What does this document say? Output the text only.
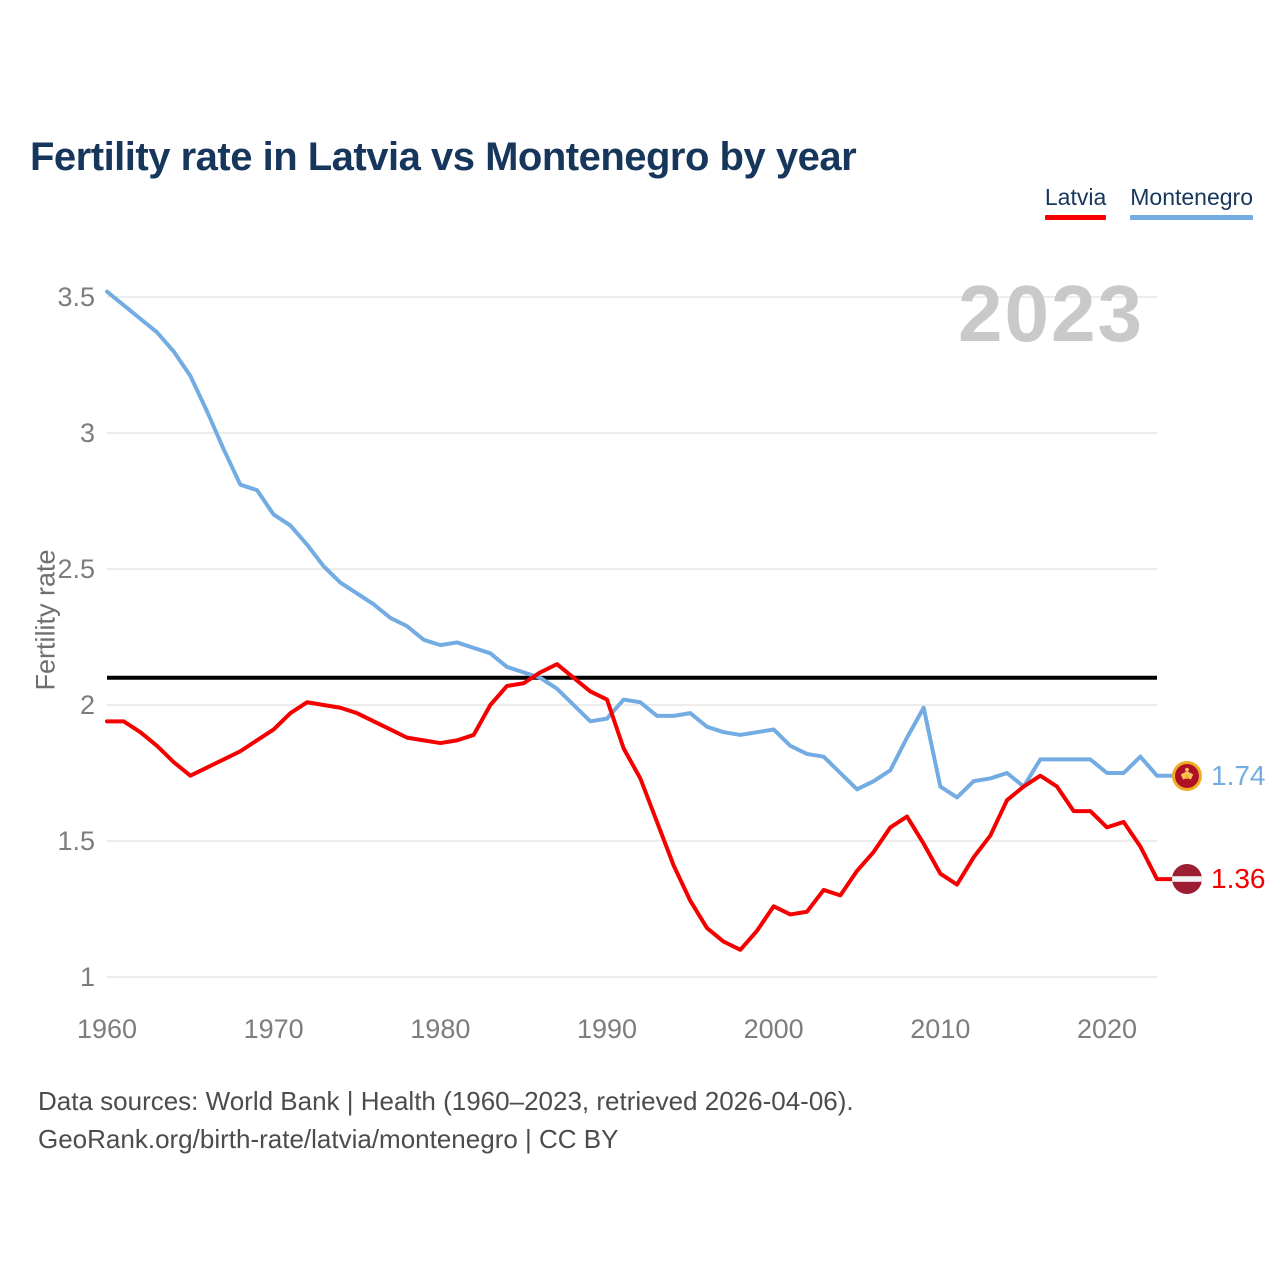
Fertility rate in Latvia vs Montenegro by year
Latvia Montenegro
1
1.5
2
2.5
3
3.5
1960	1970	1980	1990	2000	2010	2020
2023
Fertility rate
1.74
1.36
Data sources: World Bank | Health (1960–2023, retrieved 2026-04-06).
GeoRank.org/birth-rate/latvia/montenegro | CC BY
